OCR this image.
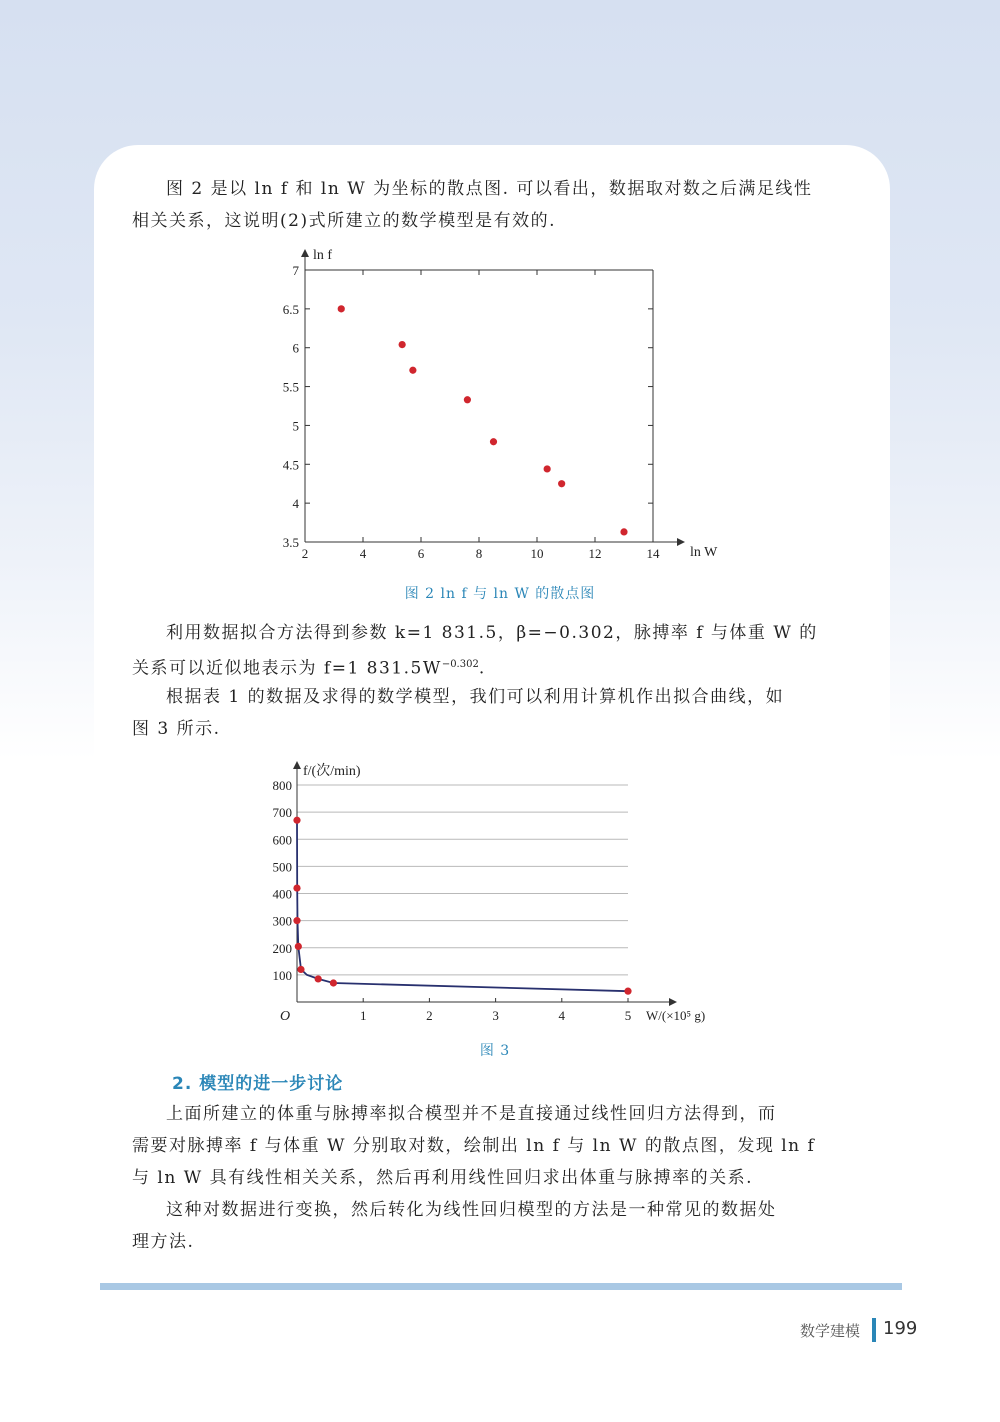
图 2 是以 ln f 和 ln W 为坐标的散点图. 可以看出，数据取对数之后满足线性
相关关系，这说明(2)式所建立的数学模型是有效的.

3.5
4
4.5
5
5.5
6
6.5
7
2	4	6	8	10	12	14
ln f
ln W
图 2 ln f 与 ln W 的散点图

利用数据拟合方法得到参数 k=1 831.5，β=−0.302，脉搏率 f 与体重 W 的
关系可以近似地表示为 f=1 $831.5W^{-0.302}$.

根据表 1 的数据及求得的数学模型，我们可以利用计算机作出拟合曲线，如
图 3 所示.

100
200
300
400
500
600
700
800
1	2	3	4	5
O
f/(次/min)
W/(×10⁵ g)
图 3
2. 模型的进一步讨论

上面所建立的体重与脉搏率拟合模型并不是直接通过线性回归方法得到，而
需要对脉搏率 f 与体重 W 分别取对数，绘制出 ln f 与 ln W 的散点图，发现 ln f
与 ln W 具有线性相关关系，然后再利用线性回归求出体重与脉搏率的关系.

这种对数据进行变换，然后转化为线性回归模型的方法是一种常见的数据处
理方法.

数学建模 199
